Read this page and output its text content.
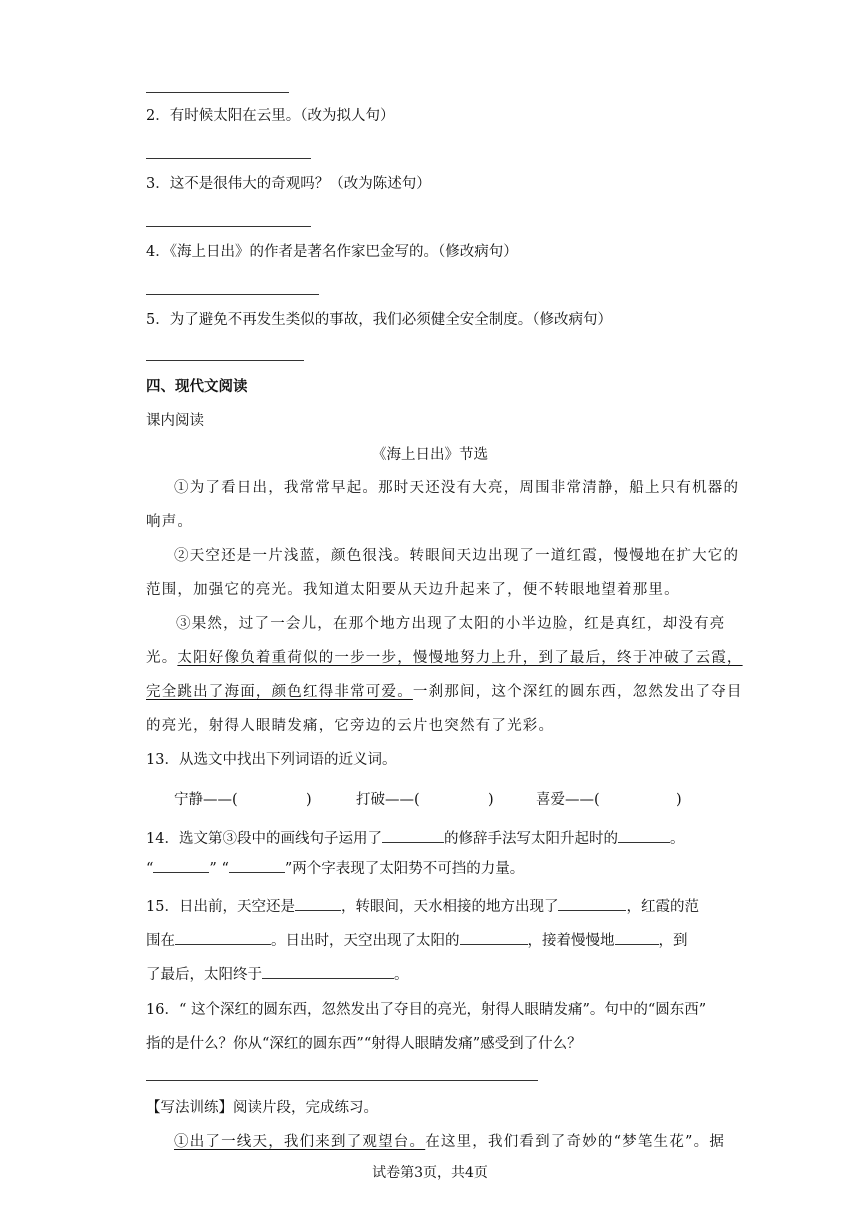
2．有时候太阳在云里。（改为拟人句）
3．这不是很伟大的奇观吗？（改为陈述句）
4．《海上日出》的作者是著名作家巴金写的。（修改病句）
5．为了避免不再发生类似的事故，我们必须健全安全制度。（修改病句）
四、现代文阅读
课内阅读
《海上日出》节选
①为了看日出，我常常早起。那时天还没有大亮，周围非常清静，船上只有机器的
响声。
②天空还是一片浅蓝，颜色很浅。转眼间天边出现了一道红霞，慢慢地在扩大它的
范围，加强它的亮光。我知道太阳要从天边升起来了，便不转眼地望着那里。
③果然，过了一会儿，在那个地方出现了太阳的小半边脸，红是真红，却没有亮
光。太阳好像负着重荷似的一步一步，慢慢地努力上升，到了最后，终于冲破了云霞，
完全跳出了海面，颜色红得非常可爱。一刹那间，这个深红的圆东西，忽然发出了夺目
的亮光，射得人眼睛发痛，它旁边的云片也突然有了光彩。
13．从选文中找出下列词语的近义词。
宁静——(	)	打破——(	)	喜爱——(	)
14．选文第③段中的画线句子运用了	的修辞手法写太阳升起时的	。
“	” “	”两个字表现了太阳势不可挡的力量。
15．日出前，天空还是	，转眼间，天水相接的地方出现了	，红霞的范
围在	。日出时，天空出现了太阳的	，接着慢慢地	，到
了最后，太阳终于	。
16．“ 这个深红的圆东西，忽然发出了夺目的亮光，射得人眼睛发痛”。句中的“圆东西”
指的是什么？你从“深红的圆东西”“射得人眼睛发痛”感受到了什么？
【写法训练】阅读片段，完成练习。
①出了一线天，我们来到了观望台。在这里，我们看到了奇妙的“梦笔生花”。据
试卷第3页，共4页
